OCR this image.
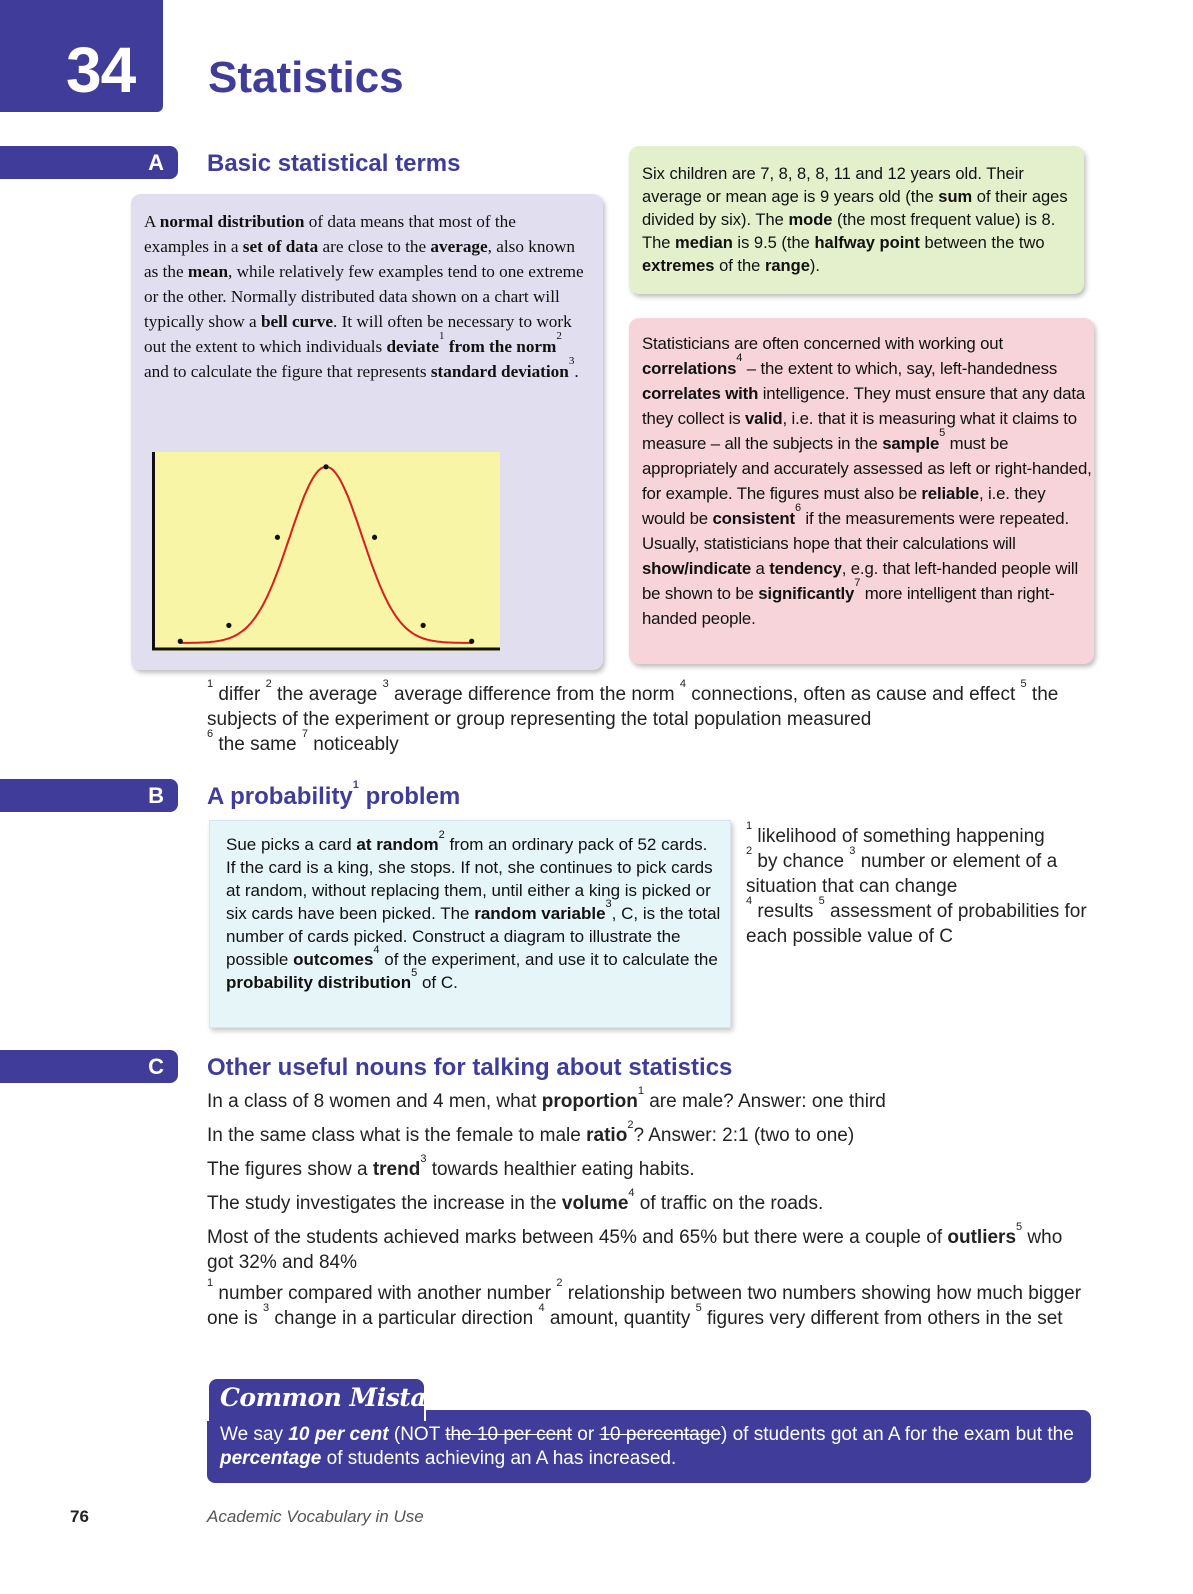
34 Statistics
A Basic statistical terms
A normal distribution of data means that most of the examples in a set of data are close to the average, also known as the mean, while relatively few examples tend to one extreme or the other. Normally distributed data shown on a chart will typically show a bell curve. It will often be necessary to work out the extent to which individuals deviate$^1$ from the norm$^2$ and to calculate the figure that represents standard deviation$^3$.
Six children are 7, 8, 8, 8, 11 and 12 years old. Their average or mean age is 9 years old (the sum of their ages divided by six). The mode (the most frequent value) is 8. The median is 9.5 (the halfway point between the two extremes of the range).
Statisticians are often concerned with working out correlations$^4$ – the extent to which, say, left-handedness correlates with intelligence. They must ensure that any data they collect is valid, i.e. that it is measuring what it claims to measure – all the subjects in the sample$^5$ must be appropriately and accurately assessed as left or right-handed, for example. The figures must also be reliable, i.e. they would be consistent$^6$ if the measurements were repeated. Usually, statisticians hope that their calculations will show/indicate a tendency, e.g. that left-handed people will be shown to be significantly$^7$ more intelligent than right-handed people.
$^1$ differ $^2$ the average $^3$ average difference from the norm $^4$ connections, often as cause and effect $^5$ the subjects of the experiment or group representing the total population measured
$^6$ the same $^7$ noticeably
B A probability$^1$ problem
Sue picks a card at random$^2$ from an ordinary pack of 52 cards. If the card is a king, she stops. If not, she continues to pick cards at random, without replacing them, until either a king is picked or six cards have been picked. The random variable$^3$, C, is the total number of cards picked. Construct a diagram to illustrate the possible outcomes$^4$ of the experiment, and use it to calculate the probability distribution$^5$ of C.
$^1$ likelihood of something happening
$^2$ by chance $^3$ number or element of a situation that can change
$^4$ results $^5$ assessment of probabilities for each possible value of C
C Other useful nouns for talking about statistics
In a class of 8 women and 4 men, what proportion$^1$ are male? Answer: one third
In the same class what is the female to male ratio$^2$? Answer: 2:1 (two to one)
The figures show a trend$^3$ towards healthier eating habits.
The study investigates the increase in the volume$^4$ of traffic on the roads.
Most of the students achieved marks between 45% and 65% but there were a couple of outliers$^5$ who got 32% and 84%
$^1$ number compared with another number $^2$ relationship between two numbers showing how much bigger one is $^3$ change in a particular direction $^4$ amount, quantity $^5$ figures very different from others in the set
Common Mistake
We say 10 per cent (NOT the 10 per cent or 10 percentage) of students got an A for the exam but the percentage of students achieving an A has increased.
76	Academic Vocabulary in Use
